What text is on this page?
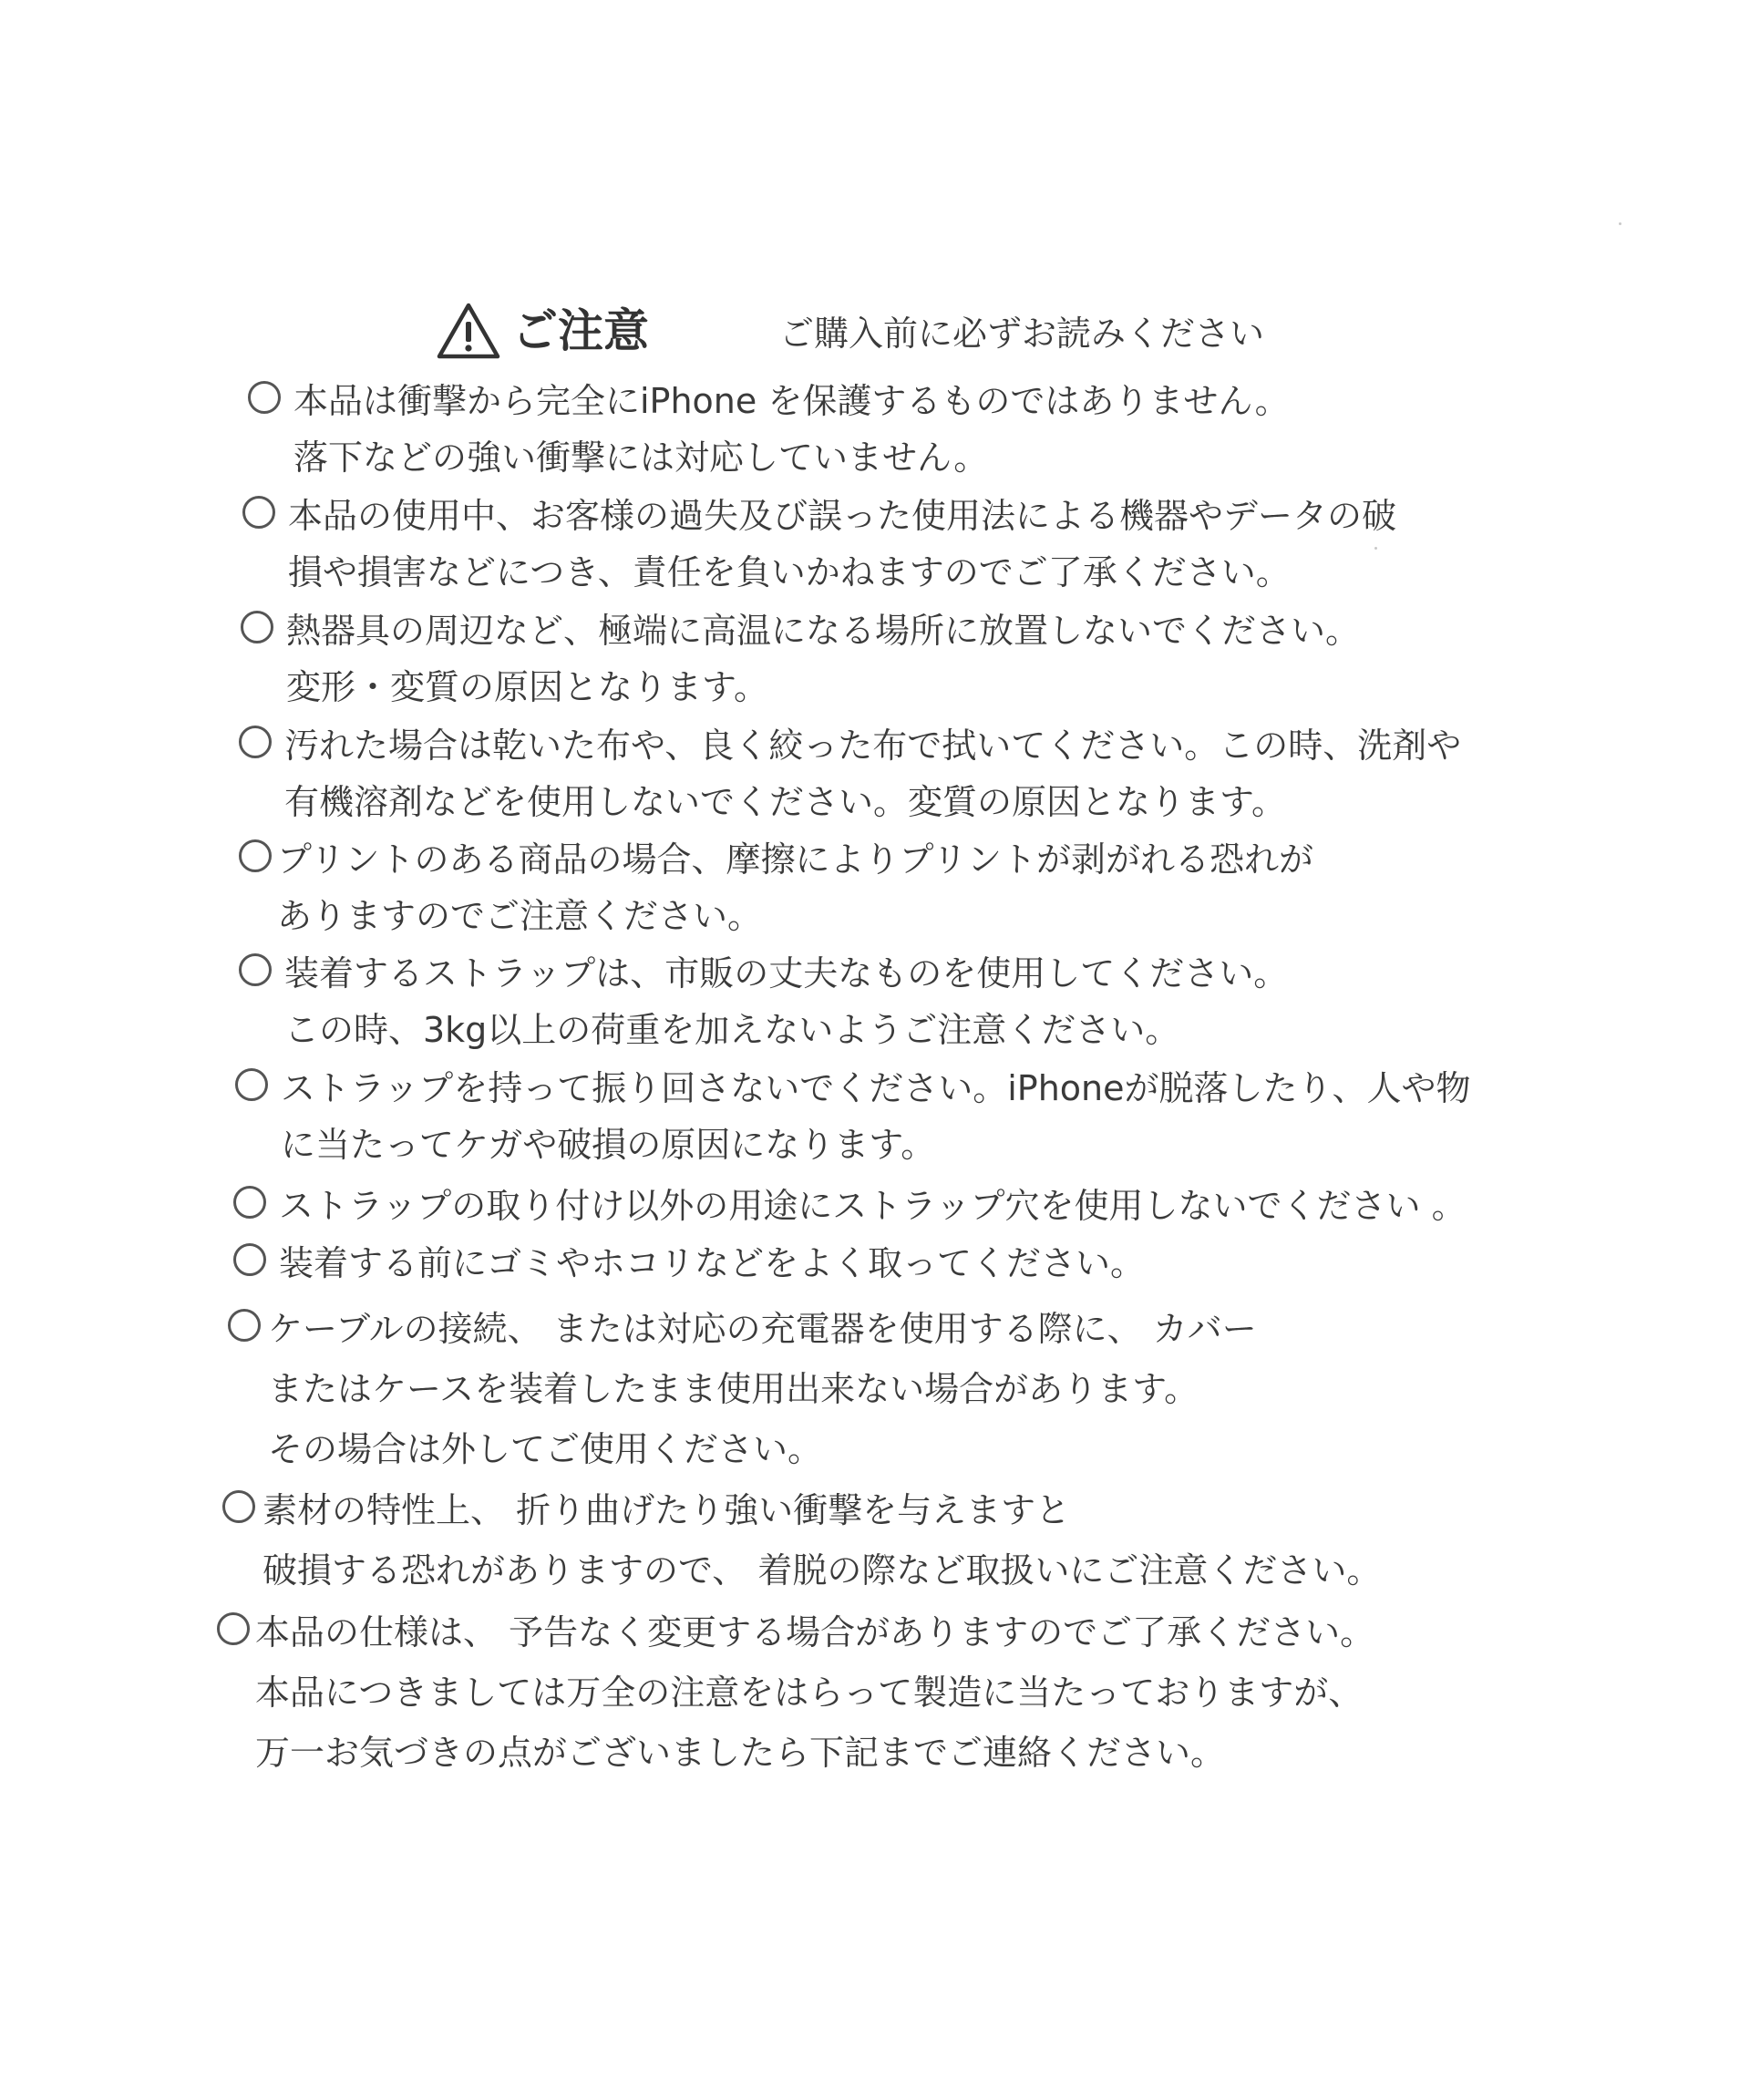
ご注意	ご購入前に必ずお読みください
本品は衝撃から完全にiPhone を保護するものではありません。
落下などの強い衝撃には対応していません。
本品の使用中、お客様の過失及び誤った使用法による機器やデータの破
損や損害などにつき、責任を負いかねますのでご了承ください。
熱器具の周辺など、極端に高温になる場所に放置しないでください。
変形・変質の原因となります。
汚れた場合は乾いた布や、良く絞った布で拭いてください。この時、洗剤や
有機溶剤などを使用しないでください。変質の原因となります。
プリントのある商品の場合、摩擦によりプリントが剥がれる恐れが
ありますのでご注意ください。
装着するストラップは、市販の丈夫なものを使用してください。
この時、3kg以上の荷重を加えないようご注意ください。
ストラップを持って振り回さないでください。iPhoneが脱落したり、人や物
に当たってケガや破損の原因になります。
ストラップの取り付け以外の用途にストラップ穴を使用しないでください 。
装着する前にゴミやホコリなどをよく取ってください。
ケーブルの接続、 または対応の充電器を使用する際に、 カバー
またはケースを装着したまま使用出来ない場合があります。
その場合は外してご使用ください。
素材の特性上、 折り曲げたり強い衝撃を与えますと
破損する恐れがありますので、 着脱の際など取扱いにご注意ください。
本品の仕様は、 予告なく変更する場合がありますのでご了承ください。
本品につきましては万全の注意をはらって製造に当たっておりますが、
万一お気づきの点がございましたら下記までご連絡ください。
